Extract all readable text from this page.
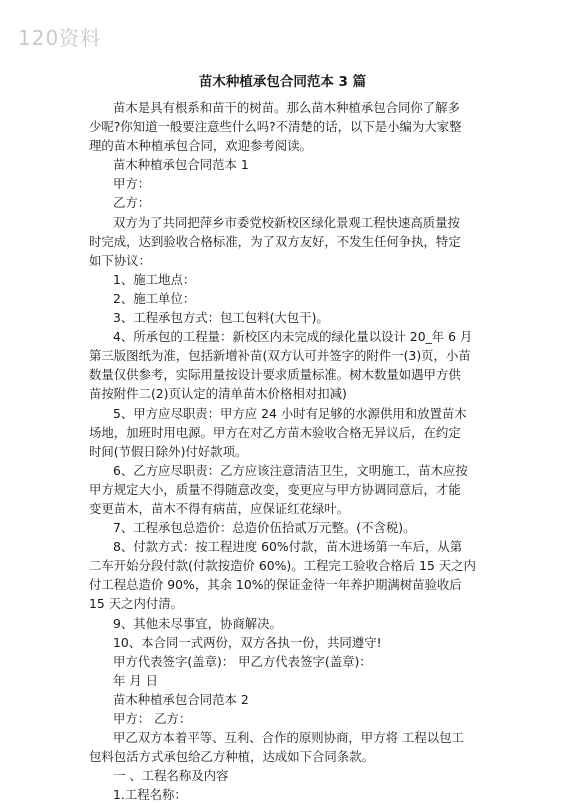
120资料
苗木种植承包合同范本 3 篇
苗木是具有根系和苗干的树苗。那么苗木种植承包合同你了解多
少呢?你知道一般要注意些什么吗?不清楚的话，以下是小编为大家整
理的苗木种植承包合同，欢迎参考阅读。
苗木种植承包合同范本 1
甲方：
乙方：
双方为了共同把萍乡市委党校新校区绿化景观工程快速高质量按
时完成，达到验收合格标准，为了双方友好，不发生任何争执，特定
如下协议：
1、施工地点：
2、施工单位：
3、工程承包方式：包工包料(大包干)。
4、所承包的工程量：新校区内未完成的绿化量以设计 20_年 6 月
第三版图纸为准，包括新增补苗(双方认可并签字的附件一(3)页，小苗
数量仅供参考，实际用量按设计要求质量标准。树木数量如遇甲方供
苗按附件二(2)页认定的清单苗木价格相对扣减)
5、甲方应尽职责：甲方应 24 小时有足够的水源供用和放置苗木
场地，加班时用电源。甲方在对乙方苗木验收合格无异议后，在约定
时间(节假日除外)付好款项。
6、乙方应尽职责：乙方应该注意清洁卫生，文明施工，苗木应按
甲方规定大小，质量不得随意改变，变更应与甲方协调同意后，才能
变更苗木，苗木不得有病苗，应保证红花绿叶。
7、工程承包总造价：总造价伍拾贰万元整。(不含税)。
8、付款方式：按工程进度 60%付款，苗木进场第一车后，从第
二车开始分段付款(付款按造价 60%)。工程完工验收合格后 15 天之内
付工程总造价 90%，其余 10%的保证金待一年养护期满树苗验收后
15 天之内付清。
9、其他未尽事宜，协商解决。
10、本合同一式两份，双方各执一份，共同遵守!
甲方代表签字(盖章)： 甲乙方代表签字(盖章)：
年 月 日
苗木种植承包合同范本 2
甲方： 乙方：
甲乙双方本着平等、互利、合作的原则协商，甲方将 工程以包工
包料包活方式承包给乙方种植，达成如下合同条款。
一 、工程名称及内容
1.工程名称：
